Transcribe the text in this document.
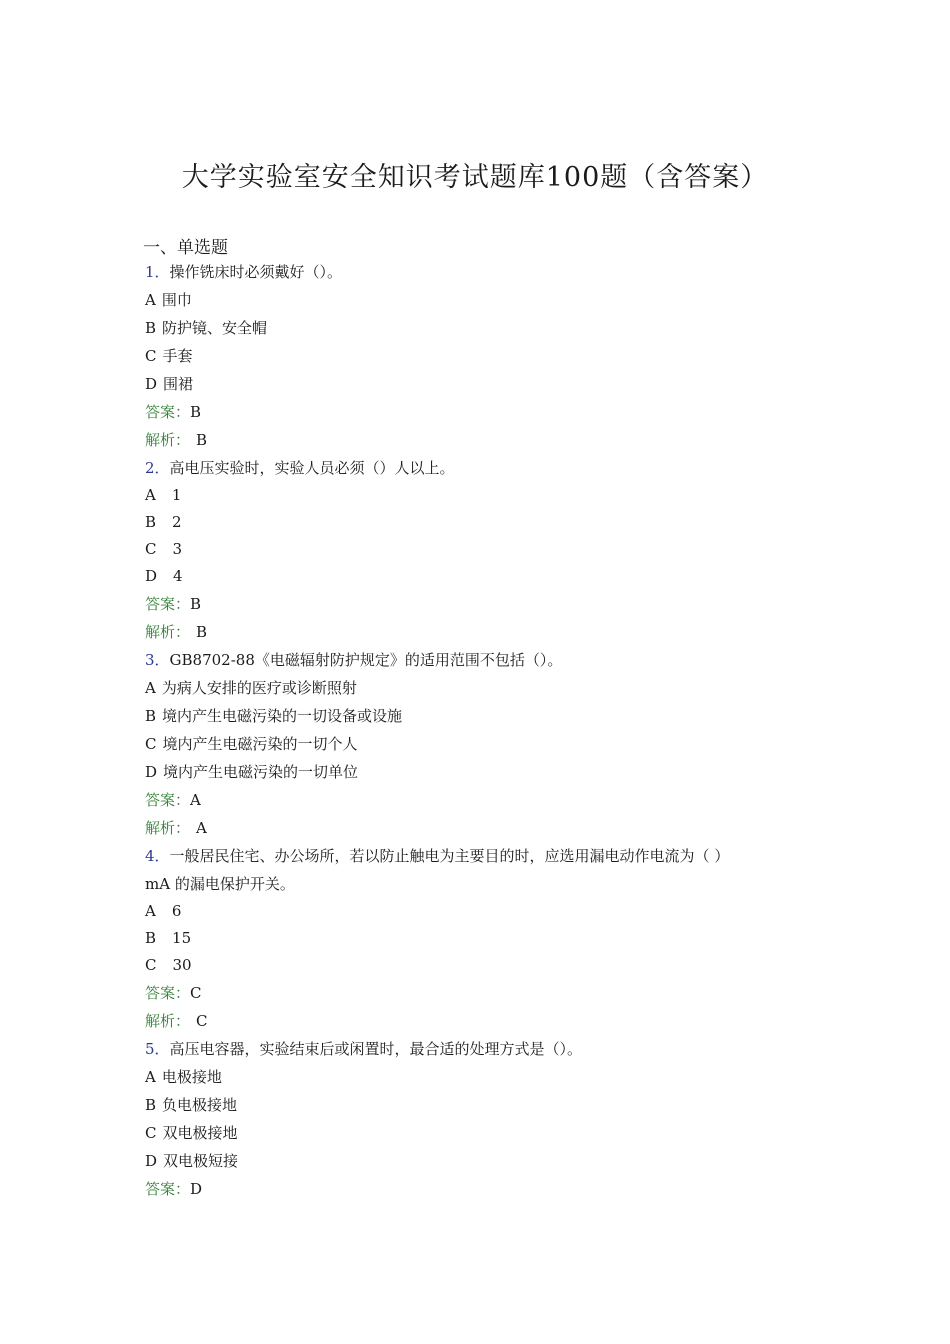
大学实验室安全知识考试题库100题（含答案）
一、单选题
1．操作铣床时必须戴好（）。
A 围巾
B 防护镜、安全帽
C 手套
D 围裙
答案：B
解析： B
2．高电压实验时，实验人员必须（）人以上。
A 1
B 2
C 3
D 4
答案：B
解析： B
3．GB8702-88《电磁辐射防护规定》的适用范围不包括（）。
A 为病人安排的医疗或诊断照射
B 境内产生电磁污染的一切设备或设施
C 境内产生电磁污染的一切个人
D 境内产生电磁污染的一切单位
答案：A
解析： A
4．一般居民住宅、办公场所，若以防止触电为主要目的时，应选用漏电动作电流为（ ）
mA 的漏电保护开关。
A 6
B 15
C 30
答案：C
解析： C
5．高压电容器，实验结束后或闲置时，最合适的处理方式是（）。
A 电极接地
B 负电极接地
C 双电极接地
D 双电极短接
答案：D
